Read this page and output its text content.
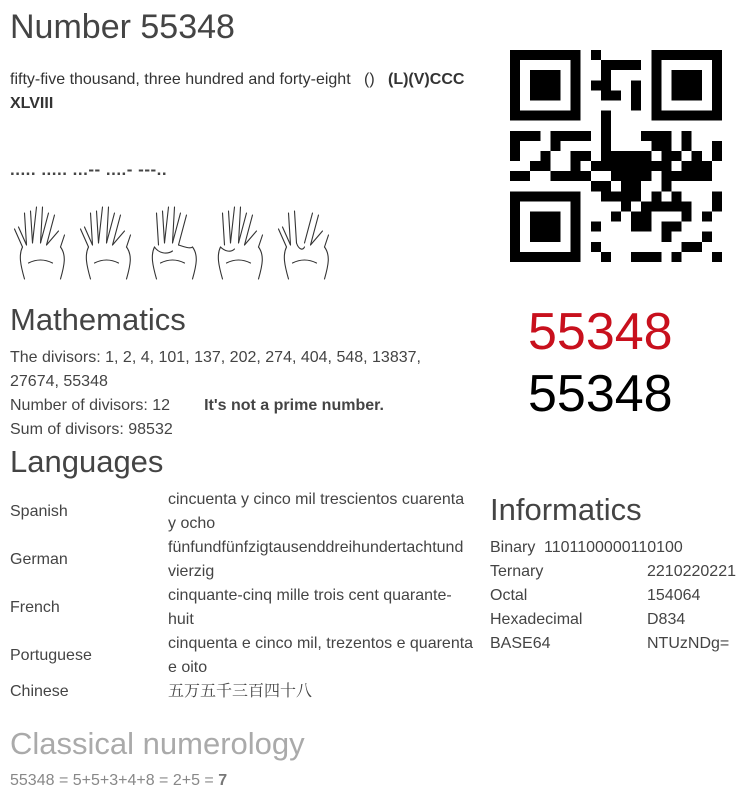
Number 55348
fifty-five thousand, three hundred and forty-eight () (L)(V)CCC XLVIII
..... ..... ...-- ....- ---..
Mathematics

The divisors: 1, 2, 4, 101, 137, 202, 274, 404, 548, 13837, 27674, 55348

Number of divisors: 12 It's not a prime number.

Sum of divisors: 98532

55348
55348
Languages
Spanish	cincuenta y cinco mil trescientos cuarenta y ocho
German	fünfundfünfzigtausenddreihundertachtund
vierzig
French	cinquante-cinq mille trois cent quarante-huit
Portuguese	cinquenta e cinco mil, trezentos e quarenta e oito
Chinese	五万五千三百四十八
Informatics
Binary 1101100000110100
Ternary	2210220221
Octal	154064
Hexadecimal	D834
BASE64	NTUzNDg=
Classical numerology
55348 = 5+5+3+4+8 = 2+5 = 7
